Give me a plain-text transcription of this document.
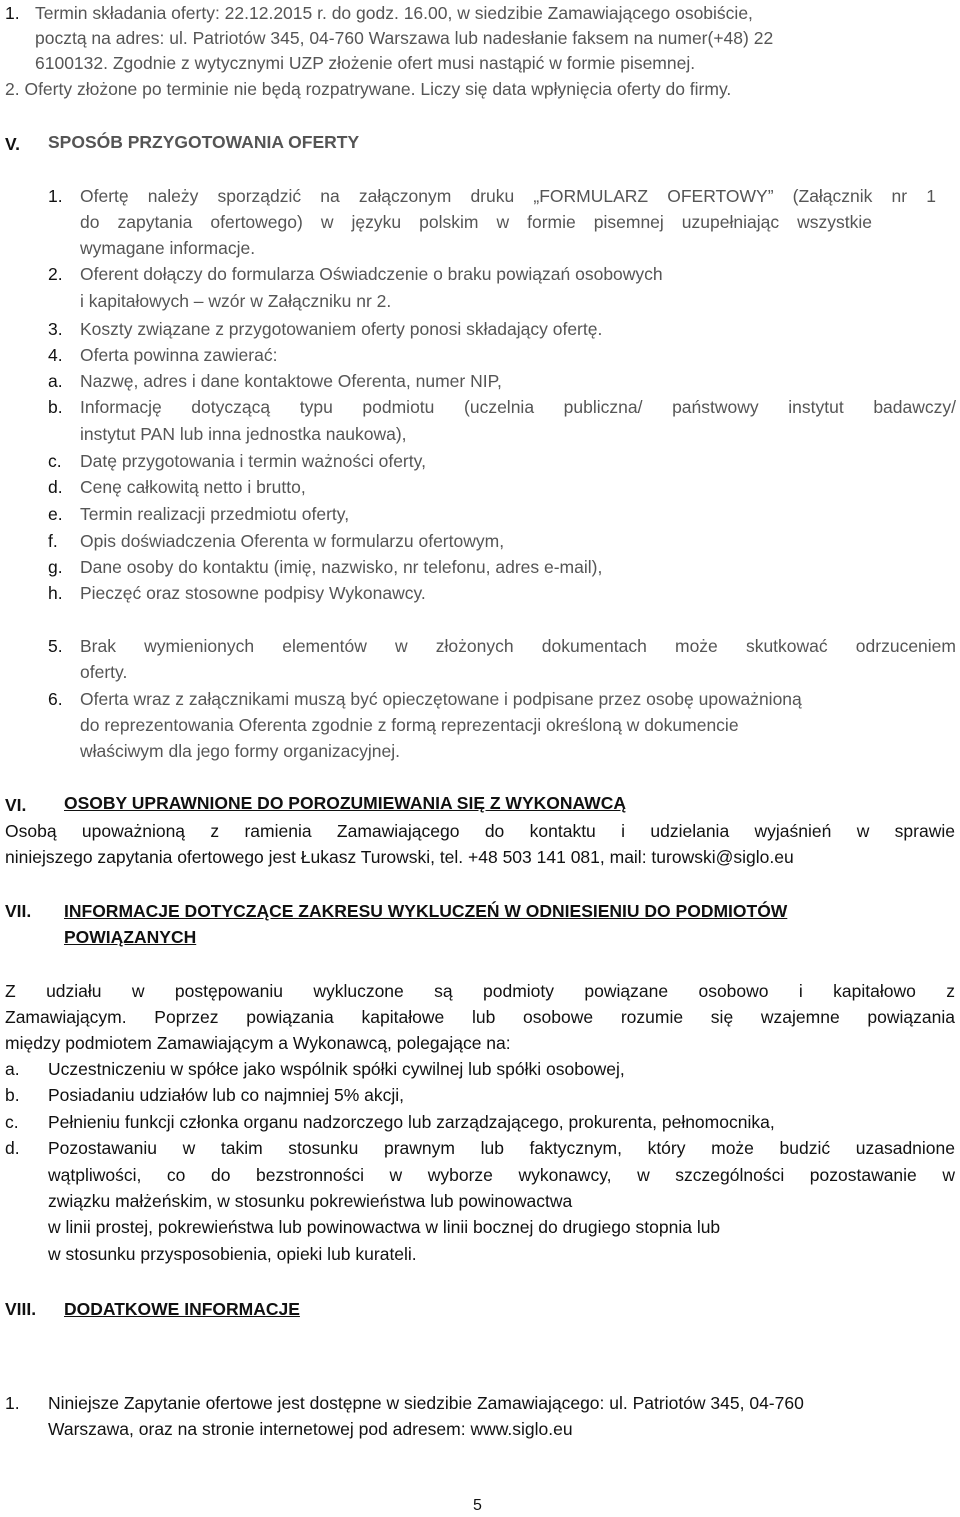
1. Termin składania oferty: 22.12.2015 r. do godz. 16.00, w siedzibie Zamawiającego osobiście,
pocztą na adres: ul. Patriotów 345, 04-760 Warszawa lub nadesłanie faksem na numer(+48) 22
6100132. Zgodnie z wytycznymi UZP złożenie ofert musi nastąpić w formie pisemnej.
2. Oferty złożone po terminie nie będą rozpatrywane. Liczy się data wpłynięcia oferty do firmy.
V. SPOSÓB PRZYGOTOWANIA OFERTY
1. Ofertę należy sporządzić na załączonym druku „FORMULARZ OFERTOWY” (Załącznik nr 1
do zapytania ofertowego) w języku polskim w formie pisemnej uzupełniając wszystkie
wymagane informacje.
2. Oferent dołączy do formularza Oświadczenie o braku powiązań osobowych
i kapitałowych – wzór w Załączniku nr 2.
3. Koszty związane z przygotowaniem oferty ponosi składający ofertę.
4. Oferta powinna zawierać:
a. Nazwę, adres i dane kontaktowe Oferenta, numer NIP,
b. Informację dotyczącą typu podmiotu (uczelnia publiczna/ państwowy instytut badawczy/
instytut PAN lub inna jednostka naukowa),
c. Datę przygotowania i termin ważności oferty,
d. Cenę całkowitą netto i brutto,
e. Termin realizacji przedmiotu oferty,
f. Opis doświadczenia Oferenta w formularzu ofertowym,
g. Dane osoby do kontaktu (imię, nazwisko, nr telefonu, adres e-mail),
h. Pieczęć oraz stosowne podpisy Wykonawcy.
5. Brak wymienionych elementów w złożonych dokumentach może skutkować odrzuceniem
oferty.
6. Oferta wraz z załącznikami muszą być opieczętowane i podpisane przez osobę upoważnioną
do reprezentowania Oferenta zgodnie z formą reprezentacji określoną w dokumencie
właściwym dla jego formy organizacyjnej.
VI. OSOBY UPRAWNIONE DO POROZUMIEWANIA SIĘ Z WYKONAWCĄ
Osobą upoważnioną z ramienia Zamawiającego do kontaktu i udzielania wyjaśnień w sprawie
niniejszego zapytania ofertowego jest Łukasz Turowski, tel. +48 503 141 081, mail: turowski@siglo.eu
VII. INFORMACJE DOTYCZĄCE ZAKRESU WYKLUCZEŃ W ODNIESIENIU DO PODMIOTÓW
POWIĄZANYCH
Z udziału w postępowaniu wykluczone są podmioty powiązane osobowo i kapitałowo z
Zamawiającym. Poprzez powiązania kapitałowe lub osobowe rozumie się wzajemne powiązania
między podmiotem Zamawiającym a Wykonawcą, polegające na:
a. Uczestniczeniu w spółce jako wspólnik spółki cywilnej lub spółki osobowej,
b. Posiadaniu udziałów lub co najmniej 5% akcji,
c. Pełnieniu funkcji członka organu nadzorczego lub zarządzającego, prokurenta, pełnomocnika,
d. Pozostawaniu w takim stosunku prawnym lub faktycznym, który może budzić uzasadnione
wątpliwości, co do bezstronności w wyborze wykonawcy, w szczególności pozostawanie w
związku małżeńskim, w stosunku pokrewieństwa lub powinowactwa
w linii prostej, pokrewieństwa lub powinowactwa w linii bocznej do drugiego stopnia lub
w stosunku przysposobienia, opieki lub kurateli.
VIII. DODATKOWE INFORMACJE
1. Niniejsze Zapytanie ofertowe jest dostępne w siedzibie Zamawiającego: ul. Patriotów 345, 04-760
Warszawa, oraz na stronie internetowej pod adresem: www.siglo.eu
5
